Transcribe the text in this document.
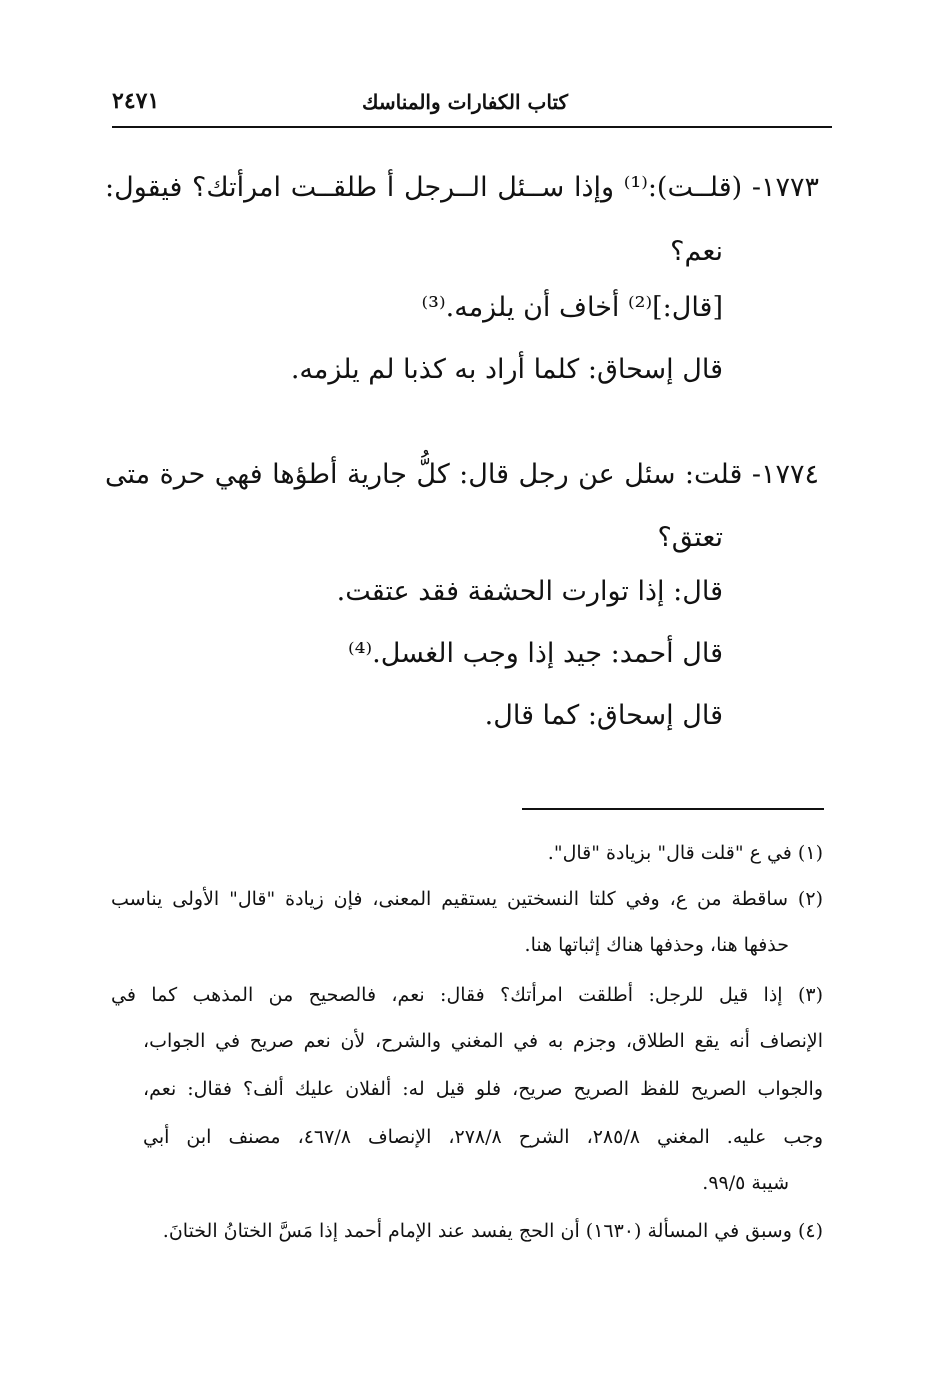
كتاب الكفارات والمناسك
٢٤٧١
١٧٧٣- (قلــت):⁽¹⁾ وإذا ســئل الــرجل أ طلقــت امرأتك؟ فيقول:
نعم؟
[قال:]⁽²⁾ أخاف أن يلزمه.⁽³⁾
قال إسحاق: كلما أراد به كذبا لم يلزمه.
١٧٧٤- قلت: سئل عن رجل قال: كلُّ جارية أطؤها فهي حرة متى
تعتق؟
قال: إذا توارت الحشفة فقد عتقت.
قال أحمد: جيد إذا وجب الغسل.⁽⁴⁾
قال إسحاق: كما قال.
(١) في ع "قلت قال" بزيادة "قال".
(٢) ساقطة من ع، وفي كلتا النسختين يستقيم المعنى، فإن زيادة "قال" الأولى يناسب
حذفها هنا، وحذفها هناك إثباتها هنا.
(٣) إذا قيل للرجل: أطلقت امرأتك؟ فقال: نعم، فالصحيح من المذهب كما في
الإنصاف أنه يقع الطلاق، وجزم به في المغني والشرح، لأن نعم صريح في الجواب،
والجواب الصريح للفظ الصريح صريح، فلو قيل له: ألفلان عليك ألف؟ فقال: نعم،
وجب عليه. المغني ٢٨٥/٨، الشرح ٢٧٨/٨، الإنصاف ٤٦٧/٨، مصنف ابن أبي
شيبة ٩٩/٥.
(٤) وسبق في المسألة (١٦٣٠) أن الحج يفسد عند الإمام أحمد إذا مَسَّ الختانُ الختانَ.
